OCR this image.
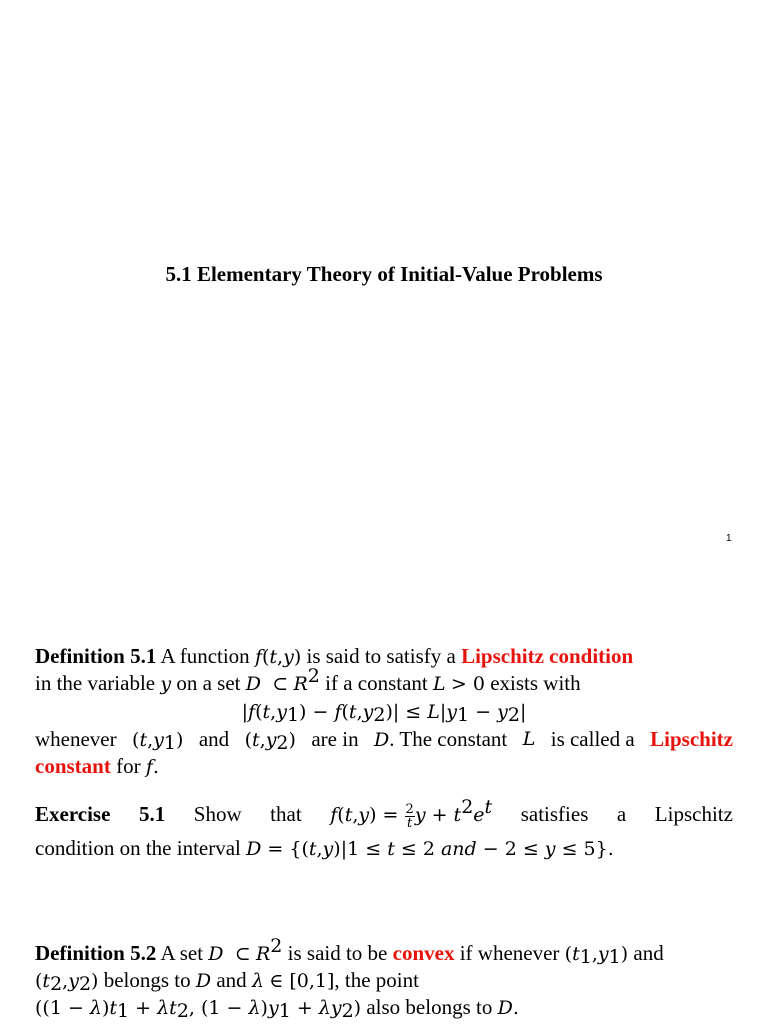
5.1 Elementary Theory of Initial-Value Problems
1
Definition 5.1 A function f(t,y) is said to satisfy a Lipschitz condition
in the variable y on a set D  ⊂ $R^2$ if a constant L > 0 exists with
$|f(t,y_1) - f(t,y_2)| \le L|y_1 - y_2|$
whenever $(t,y_1)$ and $(t,y_2)$ are in D. The constant L is called a Lipschitz
constant for f.
Exercise 5.1 Show that $f(t,y) = \frac{2}{t}$ $y + t^2e^t$ satisfies a Lipschitz
condition on the interval D = {(t,y)|1 ≤ t ≤ 2 and − 2 ≤ y ≤ 5}.
Definition 5.2 A set D  ⊂ $R^2$ is said to be convex if whenever $(t_1,y_1)$ and
$(t_2,y_2)$ belongs to D and λ ∈ [0,1], the point
($(1 - \lambda)t_1 + \lambda t_2$, $(1 - \lambda)y_1 + \lambda y_2$) also belongs to D.
